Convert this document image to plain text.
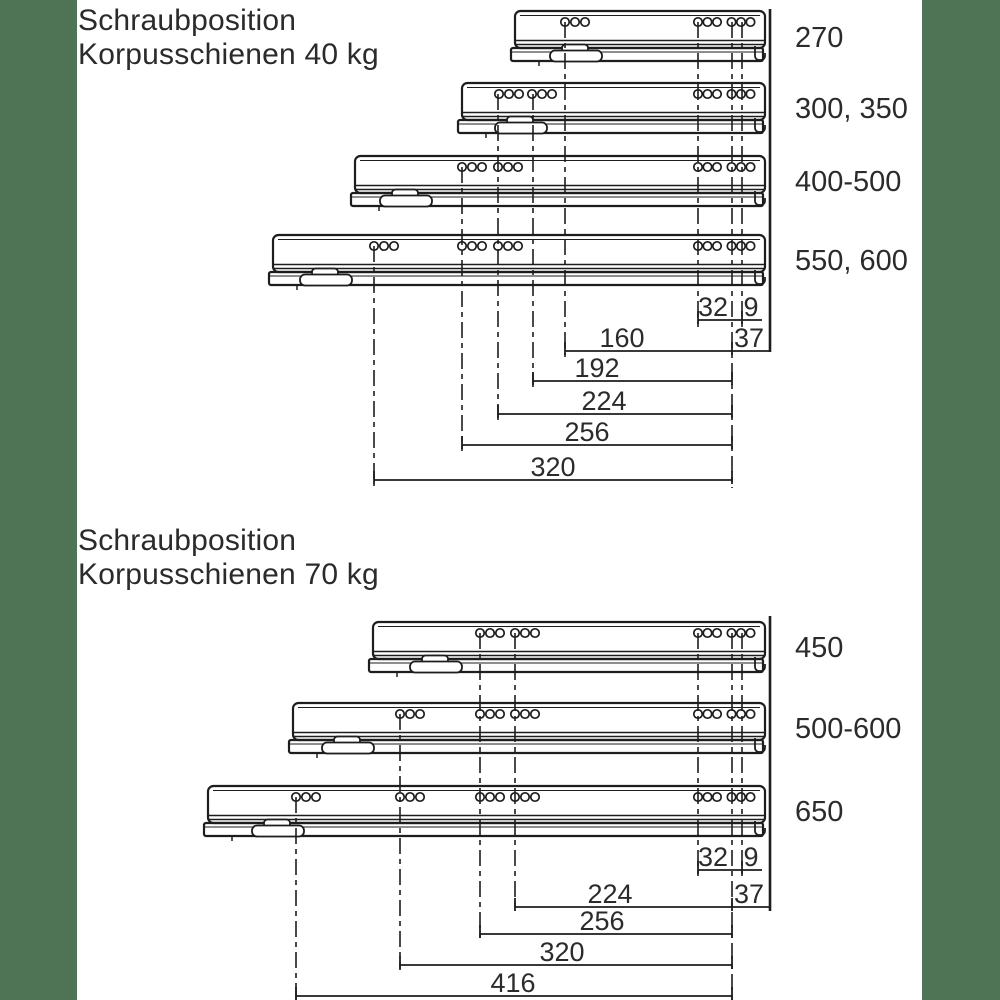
Schraubposition
Korpusschienen 40 kg
Schraubposition
Korpusschienen 70 kg
270
300, 350
400-500
550, 600
32 9
160	37
192
224
256
320
450
500-600
650
32 9
224	37
256
320
416
